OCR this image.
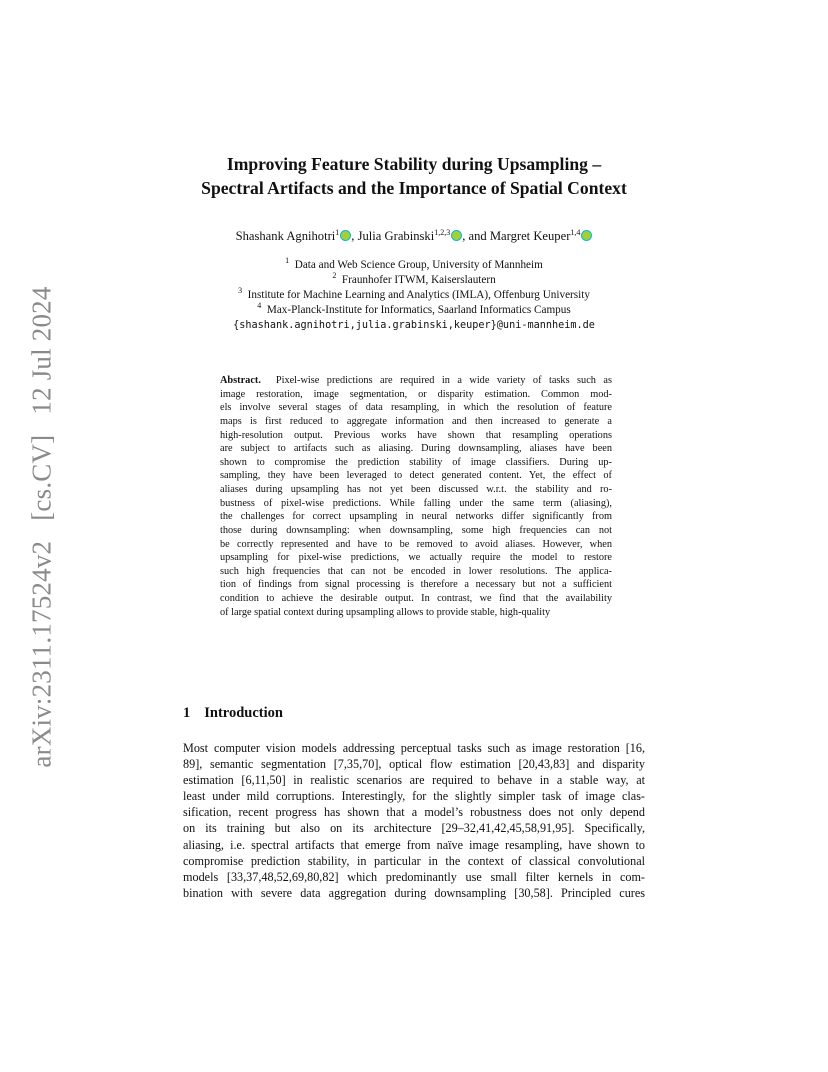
arXiv:2311.17524v2[cs.CV]12 Jul 2024
Improving Feature Stability during Upsampling –
Spectral Artifacts and the Importance of Spatial Context
Shashank Agnihotri$^1$ , Julia Grabinski$^{1,2,3}$ , and Margret Keuper$^{1,4}$
$^1$ Data and Web Science Group, University of Mannheim
$^2$ Fraunhofer ITWM, Kaiserslautern
$^3$ Institute for Machine Learning and Analytics (IMLA), Offenburg University
$^4$ Max-Planck-Institute for Informatics, Saarland Informatics Campus
{shashank.agnihotri,julia.grabinski,keuper}@uni-mannheim.de
Abstract. Pixel-wise predictions are required in a wide variety of tasks such as
image restoration, image segmentation, or disparity estimation. Common mod-
els involve several stages of data resampling, in which the resolution of feature
maps is first reduced to aggregate information and then increased to generate a
high-resolution output. Previous works have shown that resampling operations
are subject to artifacts such as aliasing. During downsampling, aliases have been
shown to compromise the prediction stability of image classifiers. During up-
sampling, they have been leveraged to detect generated content. Yet, the effect of
aliases during upsampling has not yet been discussed w.r.t. the stability and ro-
bustness of pixel-wise predictions. While falling under the same term (aliasing),
the challenges for correct upsampling in neural networks differ significantly from
those during downsampling: when downsampling, some high frequencies can not
be correctly represented and have to be removed to avoid aliases. However, when
upsampling for pixel-wise predictions, we actually require the model to restore
such high frequencies that can not be encoded in lower resolutions. The applica-
tion of findings from signal processing is therefore a necessary but not a sufficient
condition to achieve the desirable output. In contrast, we find that the availability
of large spatial context during upsampling allows to provide stable, high-quality
1 Introduction
Most computer vision models addressing perceptual tasks such as image restoration [16,
89], semantic segmentation [7,35,70], optical flow estimation [20,43,83] and disparity
estimation [6,11,50] in realistic scenarios are required to behave in a stable way, at
least under mild corruptions. Interestingly, for the slightly simpler task of image clas-
sification, recent progress has shown that a model’s robustness does not only depend
on its training but also on its architecture [29–32,41,42,45,58,91,95]. Specifically,
aliasing, i.e. spectral artifacts that emerge from naïve image resampling, have shown to
compromise prediction stability, in particular in the context of classical convolutional
models [33,37,48,52,69,80,82] which predominantly use small filter kernels in com-
bination with severe data aggregation during downsampling [30,58]. Principled cures
